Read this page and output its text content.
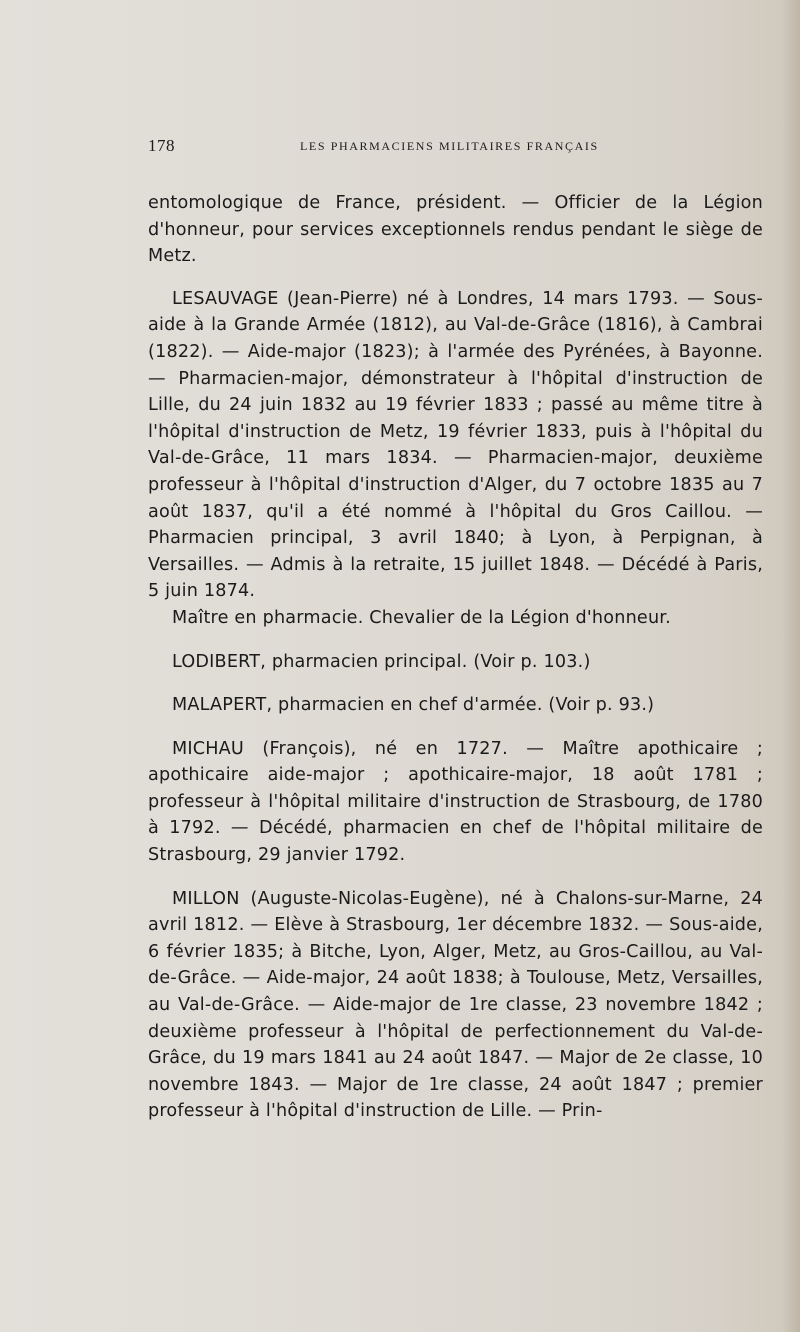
178	LES PHARMACIENS MILITAIRES FRANÇAIS

entomologique de France, président. — Officier de la Légion d'honneur, pour services exceptionnels rendus pendant le siège de Metz.

LESAUVAGE (Jean-Pierre) né à Londres, 14 mars 1793. — Sous-aide à la Grande Armée (1812), au Val-de-Grâce (1816), à Cambrai (1822). — Aide-major (1823); à l'armée des Pyrénées, à Bayonne. — Pharmacien-major, démonstrateur à l'hôpital d'instruction de Lille, du 24 juin 1832 au 19 février 1833 ; passé au même titre à l'hôpital d'instruction de Metz, 19 février 1833, puis à l'hôpital du Val-de-Grâce, 11 mars 1834. — Pharmacien-major, deuxième professeur à l'hôpital d'instruction d'Alger, du 7 octobre 1835 au 7 août 1837, qu'il a été nommé à l'hôpital du Gros Caillou. — Pharmacien principal, 3 avril 1840; à Lyon, à Perpignan, à Versailles. — Admis à la retraite, 15 juillet 1848. — Décédé à Paris, 5 juin 1874.

Maître en pharmacie. Chevalier de la Légion d'honneur.

LODIBERT, pharmacien principal. (Voir p. 103.)

MALAPERT, pharmacien en chef d'armée. (Voir p. 93.)

MICHAU (François), né en 1727. — Maître apothicaire ; apothicaire aide-major ; apothicaire-major, 18 août 1781 ; professeur à l'hôpital militaire d'instruction de Strasbourg, de 1780 à 1792. — Décédé, pharmacien en chef de l'hôpital militaire de Strasbourg, 29 janvier 1792.

MILLON (Auguste-Nicolas-Eugène), né à Chalons-sur-Marne, 24 avril 1812. — Elève à Strasbourg, 1er décembre 1832. — Sous-aide, 6 février 1835; à Bitche, Lyon, Alger, Metz, au Gros-Caillou, au Val-de-Grâce. — Aide-major, 24 août 1838; à Toulouse, Metz, Versailles, au Val-de-Grâce. — Aide-major de 1re classe, 23 novembre 1842 ; deuxième professeur à l'hôpital de perfectionnement du Val-de-Grâce, du 19 mars 1841 au 24 août 1847. — Major de 2e classe, 10 novembre 1843. — Major de 1re classe, 24 août 1847 ; premier professeur à l'hôpital d'instruction de Lille. — Prin-
